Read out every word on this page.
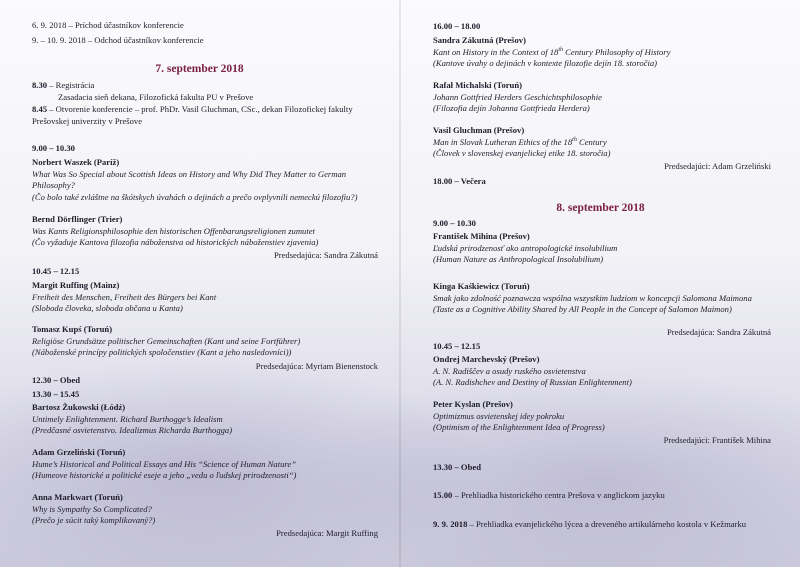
6. 9. 2018 – Príchod účastníkov konferencie

9. – 10. 9. 2018 – Odchod účastníkov konferencie

7. september 2018

8.30 – Registrácia

Zasadacia sieň dekana, Filozofická fakulta PU v Prešove

8.45 – Otvorenie konferencie – prof. PhDr. Vasil Gluchman, CSc., dekan Filozofickej fakulty

Prešovskej univerzity v Prešove

9.00 – 10.30

Norbert Waszek (Paríž)

What Was So Special about Scottish Ideas on History and Why Did They Matter to German

Philosophy?

(Čo bolo také zvláštne na škótskych úvahách o dejinách a prečo ovplyvnili nemeckú filozofiu?)

Bernd Dörflinger (Trier)

Was Kants Religionsphilosophie den historischen Offenbarungsreligionen zumutet

(Čo vyžaduje Kantova filozofia náboženstva od historických náboženstiev zjavenia)

Predsedajúca: Sandra Zákutná

10.45 – 12.15

Margit Ruffing (Mainz)

Freiheit des Menschen, Freiheit des Bürgers bei Kant

(Sloboda človeka, sloboda občana u Kanta)

Tomasz Kupś (Toruń)

Religiöse Grundsätze politischer Gemeinschaften (Kant und seine Fortführer)

(Náboženské princípy politických spoločenstiev (Kant a jeho nasledovníci))

Predsedajúca: Myriam Bienenstock

12.30 – Obed

13.30 – 15.45

Bartosz Żukowski (Łódź)

Untimely Enlightenment. Richard Burthogge’s Idealism

(Predčasné osvietenstvo. Idealizmus Richarda Burthogga)

Adam Grzeliński (Toruń)

Hume’s Historical and Political Essays and His “Science of Human Nature”

(Humeove historické a politické eseje a jeho „vedu o ľudskej prirodzenosti“)

Anna Markwart (Toruń)

Why is Sympathy So Complicated?

(Prečo je súcit taký komplikovaný?)

Predsedajúca: Margit Ruffing

16.00 – 18.00

Sandra Zákutná (Prešov)

Kant on History in the Context of 18th Century Philosophy of History

(Kantove úvahy o dejinách v kontexte filozofie dejín 18. storočia)

Rafał Michalski (Toruń)

Johann Gottfried Herders Geschichtsphilosophie

(Filozofia dejín Johanna Gottfrieda Herdera)

Vasil Gluchman (Prešov)

Man in Slovak Lutheran Ethics of the 18th Century

(Človek v slovenskej evanjelickej etike 18. storočia)

Predsedajúci: Adam Grzeliński

18.00 – Večera

8. september 2018

9.00 – 10.30

František Mihina (Prešov)

Ľudská prirodzenosť ako antropologické insolubilium

(Human Nature as Anthropological Insolubilium)

Kinga Kaśkiewicz (Toruń)

Smak jako zdolność poznawcza wspólna wszystkim ludziom w koncepcji Salomona Maimona

(Taste as a Cognitive Ability Shared by All People in the Concept of Salomon Maimon)

Predsedajúca: Sandra Zákutná

10.45 – 12.15

Ondrej Marchevský (Prešov)

A. N. Radiščev a osudy ruského osvietenstva

(A. N. Radishchev and Destiny of Russian Enlightenment)

Peter Kyslan (Prešov)

Optimizmus osvietenskej idey pokroku

(Optimism of the Enlightenment Idea of Progress)

Predsedajúci: František Mihina

13.30 – Obed

15.00 – Prehliadka historického centra Prešova v anglickom jazyku

9. 9. 2018 – Prehliadka evanjelického lýcea a dreveného artikulárneho kostola v Kežmarku
